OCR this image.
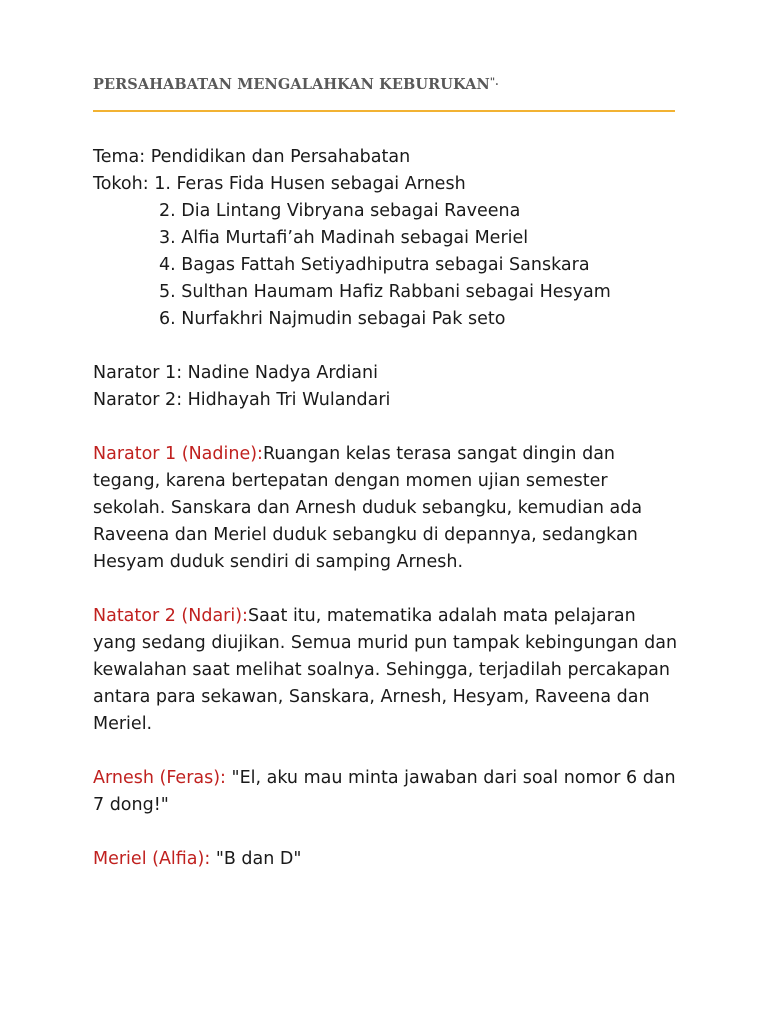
PERSAHABATAN MENGALAHKAN KEBURUKAN".
Tema: Pendidikan dan Persahabatan
Tokoh: 1. Feras Fida Husen sebagai Arnesh
2. Dia Lintang Vibryana sebagai Raveena
3. Alfia Murtafi’ah Madinah sebagai Meriel
4. Bagas Fattah Setiyadhiputra sebagai Sanskara
5. Sulthan Haumam Hafiz Rabbani sebagai Hesyam
6. Nurfakhri Najmudin sebagai Pak seto
Narator 1: Nadine Nadya Ardiani
Narator 2: Hidhayah Tri Wulandari
Narator 1 (Nadine):Ruangan kelas terasa sangat dingin dan tegang, karena bertepatan dengan momen ujian semester sekolah. Sanskara dan Arnesh duduk sebangku, kemudian ada Raveena dan Meriel duduk sebangku di depannya, sedangkan Hesyam duduk sendiri di samping Arnesh.
Natator 2 (Ndari):Saat itu, matematika adalah mata pelajaran yang sedang diujikan. Semua murid pun tampak kebingungan dan kewalahan saat melihat soalnya. Sehingga, terjadilah percakapan antara para sekawan, Sanskara, Arnesh, Hesyam, Raveena dan Meriel.
Arnesh (Feras): "El, aku mau minta jawaban dari soal nomor 6 dan 7 dong!"
Meriel (Alfia): "B dan D"
